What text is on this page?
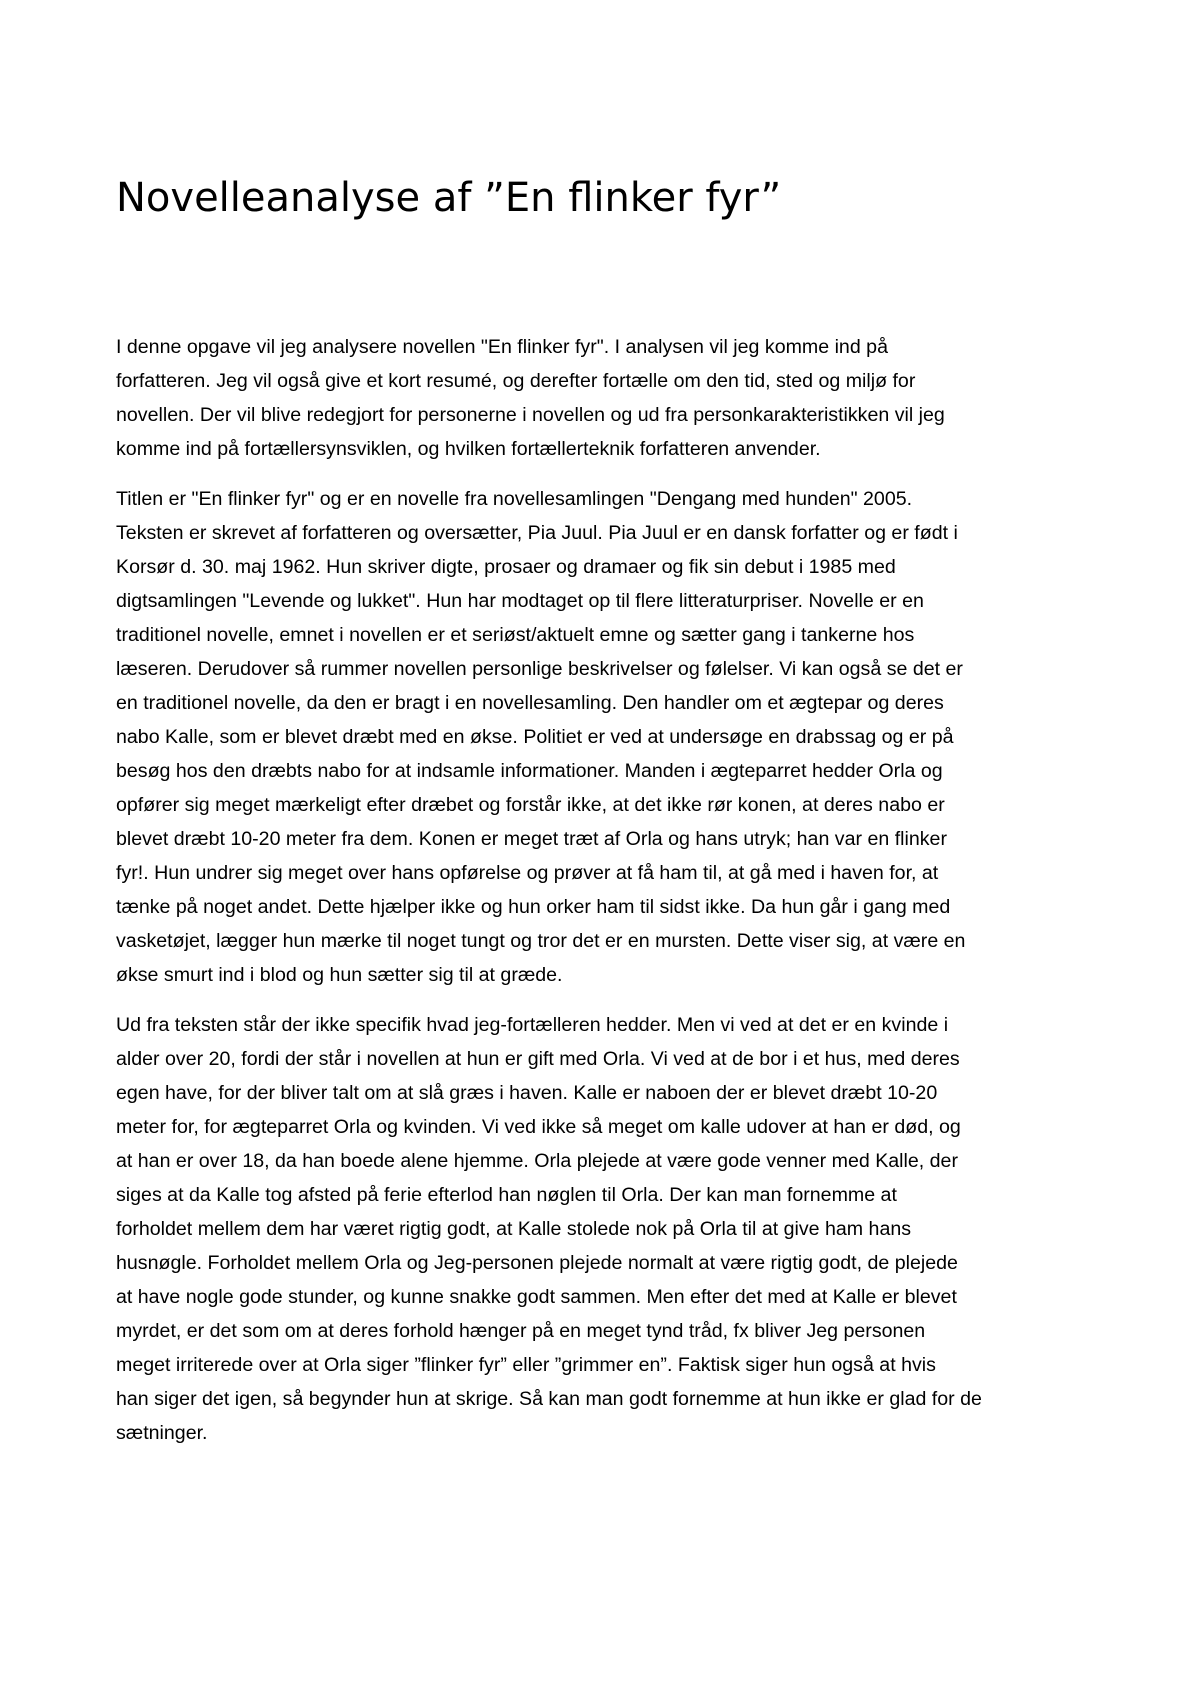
Novelleanalyse af ”En flinker fyr”

I denne opgave vil jeg analysere novellen "En flinker fyr". I analysen vil jeg komme ind på
forfatteren. Jeg vil også give et kort resumé, og derefter fortælle om den tid, sted og miljø for
novellen. Der vil blive redegjort for personerne i novellen og ud fra personkarakteristikken vil jeg
komme ind på fortællersynsviklen, og hvilken fortællerteknik forfatteren anvender.

Titlen er "En flinker fyr" og er en novelle fra novellesamlingen "Dengang med hunden" 2005.
Teksten er skrevet af forfatteren og oversætter, Pia Juul. Pia Juul er en dansk forfatter og er født i
Korsør d. 30. maj 1962. Hun skriver digte, prosaer og dramaer og fik sin debut i 1985 med
digtsamlingen "Levende og lukket". Hun har modtaget op til flere litteraturpriser. Novelle er en
traditionel novelle, emnet i novellen er et seriøst/aktuelt emne og sætter gang i tankerne hos
læseren. Derudover så rummer novellen personlige beskrivelser og følelser. Vi kan også se det er
en traditionel novelle, da den er bragt i en novellesamling. Den handler om et ægtepar og deres
nabo Kalle, som er blevet dræbt med en økse. Politiet er ved at undersøge en drabssag og er på
besøg hos den dræbts nabo for at indsamle informationer. Manden i ægteparret hedder Orla og
opfører sig meget mærkeligt efter dræbet og forstår ikke, at det ikke rør konen, at deres nabo er
blevet dræbt 10-20 meter fra dem. Konen er meget træt af Orla og hans utryk; han var en flinker
fyr!. Hun undrer sig meget over hans opførelse og prøver at få ham til, at gå med i haven for, at
tænke på noget andet. Dette hjælper ikke og hun orker ham til sidst ikke. Da hun går i gang med
vasketøjet, lægger hun mærke til noget tungt og tror det er en mursten. Dette viser sig, at være en
økse smurt ind i blod og hun sætter sig til at græde.

Ud fra teksten står der ikke specifik hvad jeg-fortælleren hedder. Men vi ved at det er en kvinde i
alder over 20, fordi der står i novellen at hun er gift med Orla. Vi ved at de bor i et hus, med deres
egen have, for der bliver talt om at slå græs i haven. Kalle er naboen der er blevet dræbt 10-20
meter for, for ægteparret Orla og kvinden. Vi ved ikke så meget om kalle udover at han er død, og
at han er over 18, da han boede alene hjemme. Orla plejede at være gode venner med Kalle, der
siges at da Kalle tog afsted på ferie efterlod han nøglen til Orla. Der kan man fornemme at
forholdet mellem dem har været rigtig godt, at Kalle stolede nok på Orla til at give ham hans
husnøgle. Forholdet mellem Orla og Jeg-personen plejede normalt at være rigtig godt, de plejede
at have nogle gode stunder, og kunne snakke godt sammen. Men efter det med at Kalle er blevet
myrdet, er det som om at deres forhold hænger på en meget tynd tråd, fx bliver Jeg personen
meget irriterede over at Orla siger ”flinker fyr” eller ”grimmer en”. Faktisk siger hun også at hvis
han siger det igen, så begynder hun at skrige. Så kan man godt fornemme at hun ikke er glad for de
sætninger.
